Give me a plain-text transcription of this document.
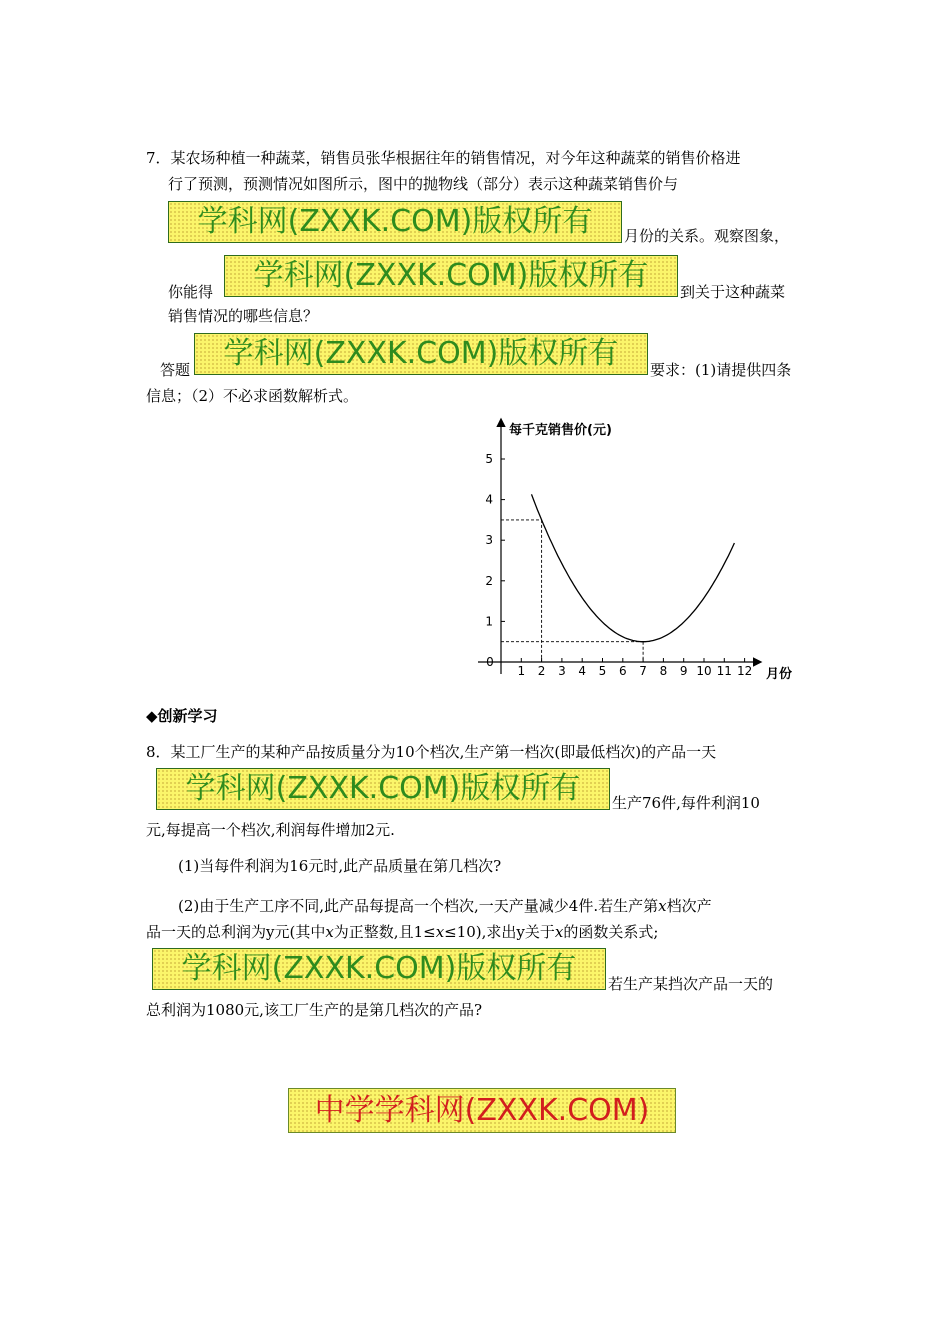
7．某农场种植一种蔬菜，销售员张华根据往年的销售情况，对今年这种蔬菜的销售价格进
行了预测，预测情况如图所示，图中的抛物线（部分）表示这种蔬菜销售价与
学科网(ZXXK.COM)版权所有	月份的关系。观察图象，
你能得	学科网(ZXXK.COM)版权所有	到关于这种蔬菜
销售情况的哪些信息？
答题	学科网(ZXXK.COM)版权所有	要求：(1)请提供四条
信息；（2）不必求函数解析式。
每千克销售价(元)
月份
0
1 2 3 4 5 6 7 8 9 10 11 12
1
2
3
4
5
◆创新学习
8．某工厂生产的某种产品按质量分为10个档次,生产第一档次(即最低档次)的产品一天
学科网(ZXXK.COM)版权所有	生产76件,每件利润10
元,每提高一个档次,利润每件增加2元.
(1)当每件利润为16元时,此产品质量在第几档次?
(2)由于生产工序不同,此产品每提高一个档次,一天产量减少4件.若生产第x档次产
品一天的总利润为y元(其中x为正整数,且1≤x≤10),求出y关于x的函数关系式;
学科网(ZXXK.COM)版权所有	若生产某挡次产品一天的
总利润为1080元,该工厂生产的是第几档次的产品?
中学学科网(ZXXK.COM)
